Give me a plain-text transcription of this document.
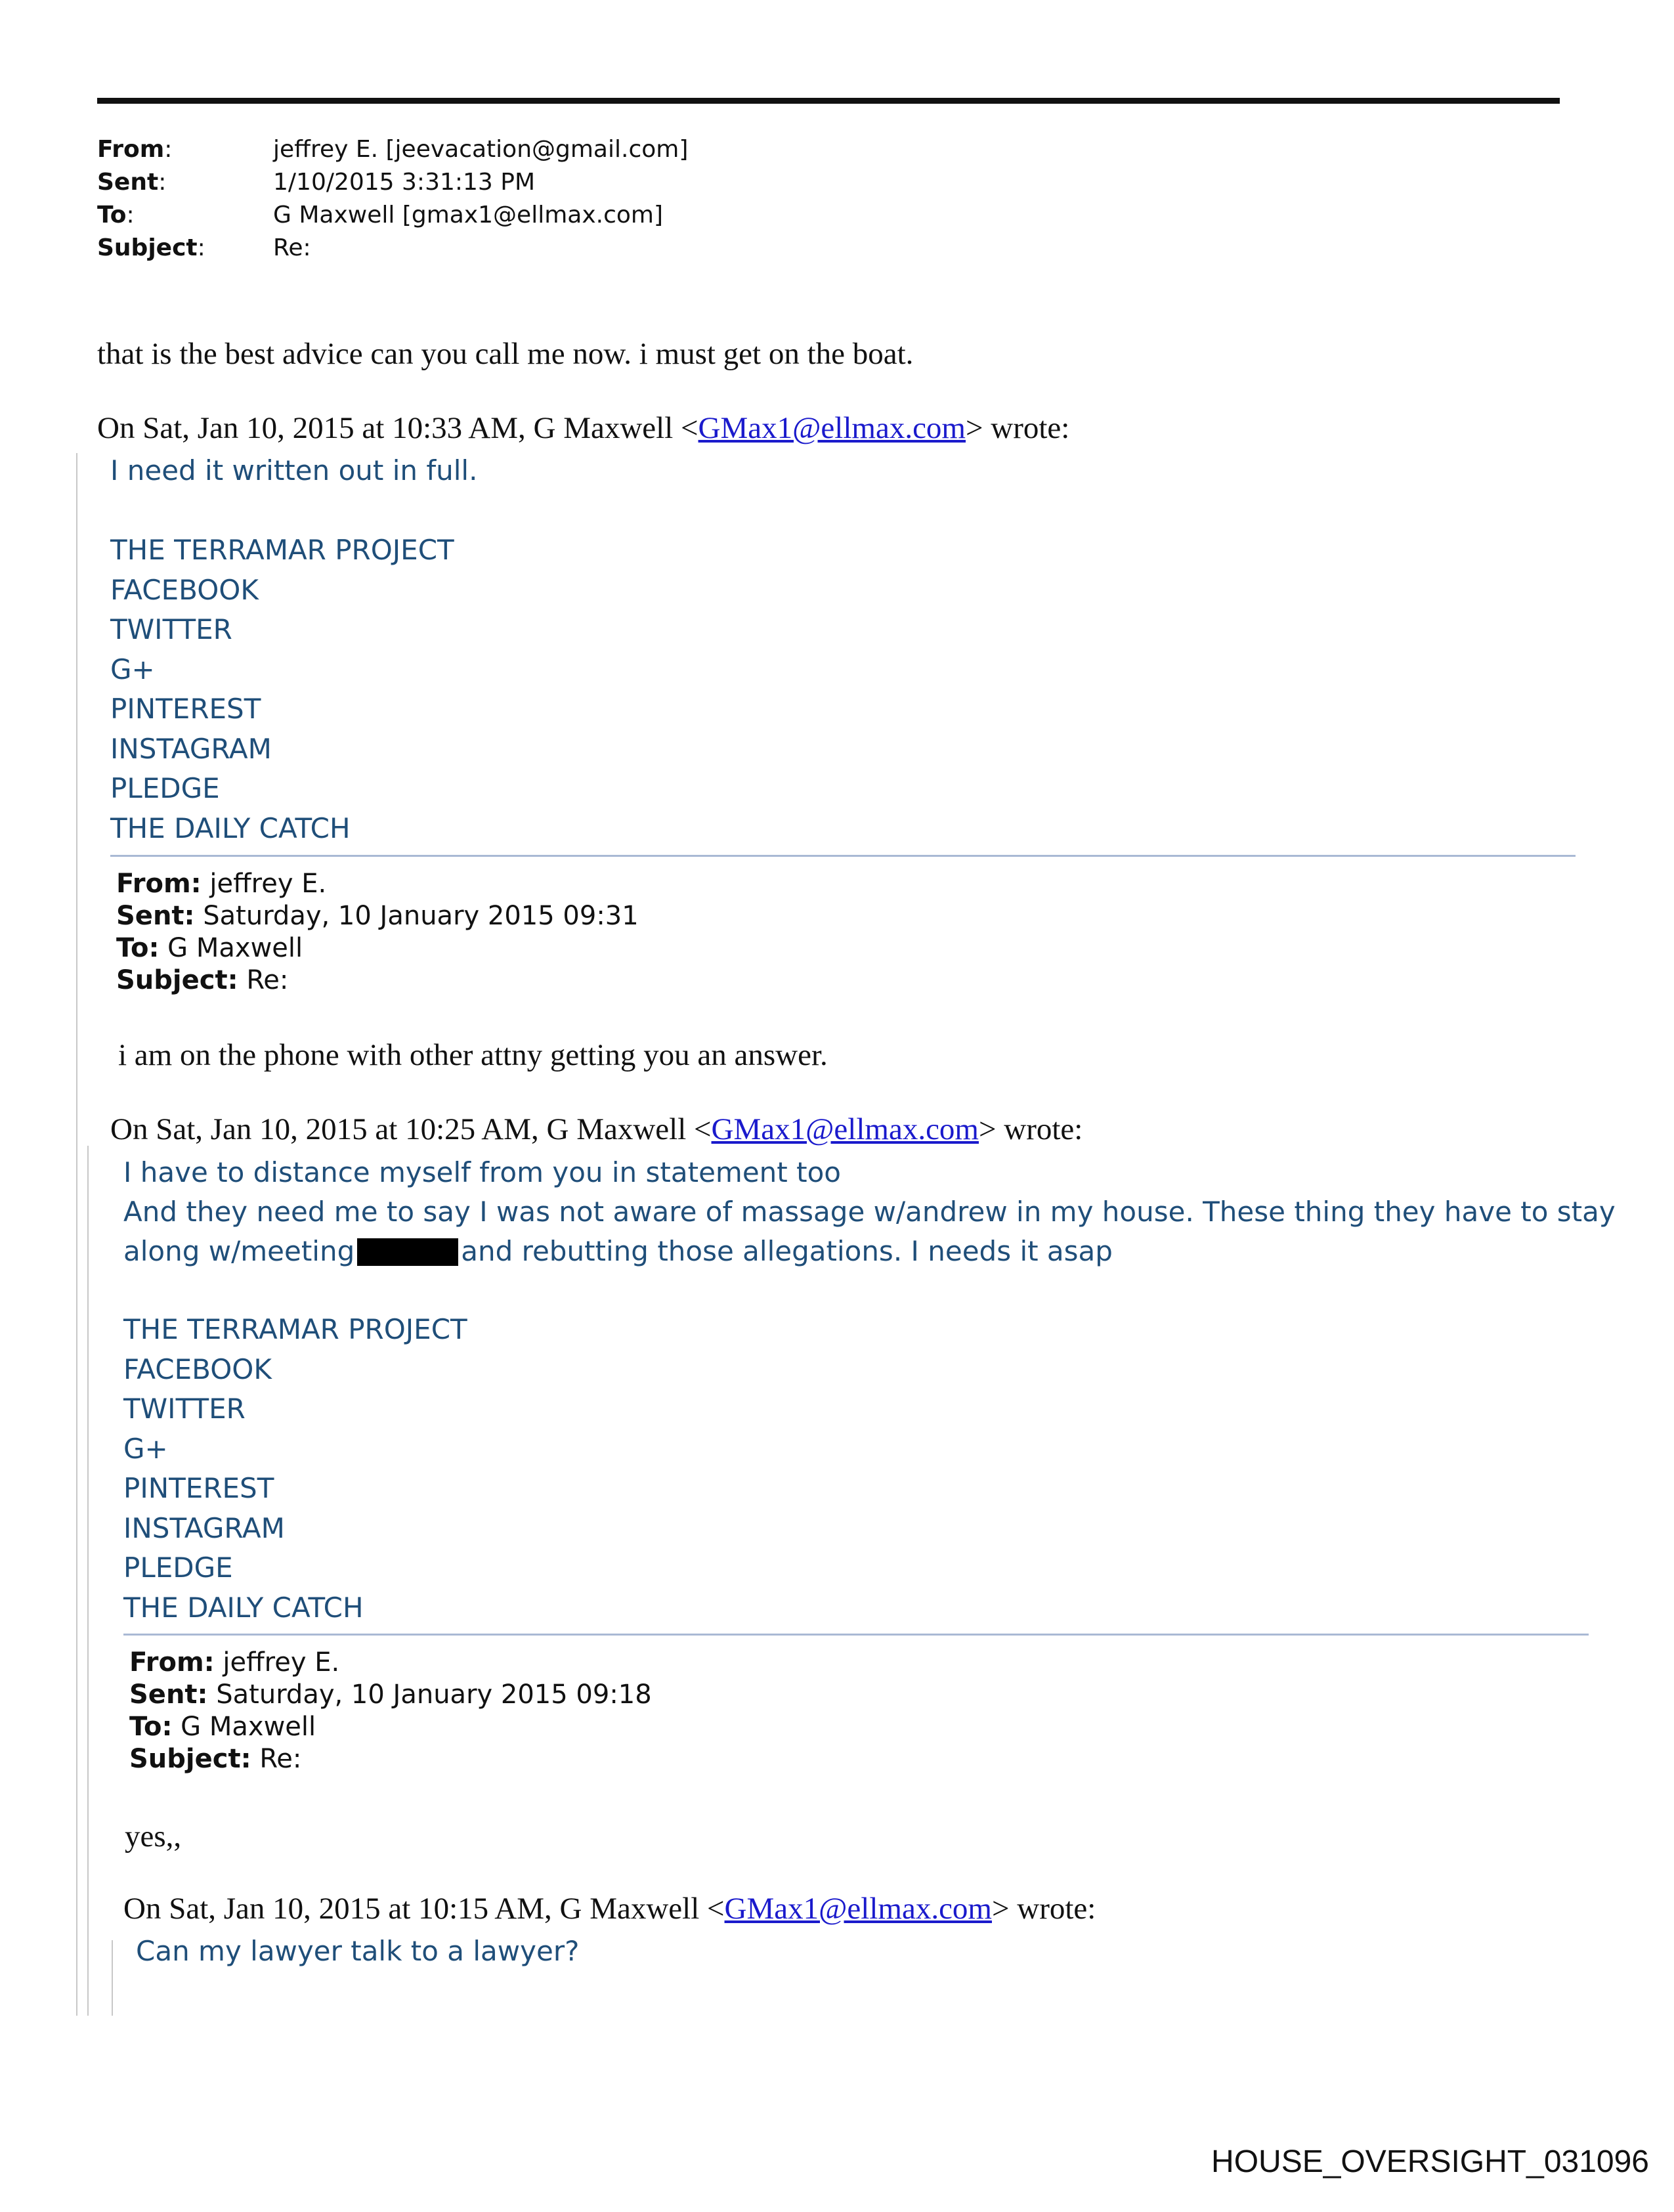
From:	jeffrey E. [jeevacation@gmail.com]
Sent:	1/10/2015 3:31:13 PM
To:	G Maxwell [gmax1@ellmax.com]
Subject:	Re:
that is the best advice can you call me now. i must get on the boat.
On Sat, Jan 10, 2015 at 10:33 AM, G Maxwell <GMax1@ellmax.com> wrote:
I need it written out in full.
THE TERRAMAR PROJECT
FACEBOOK
TWITTER
G+
PINTEREST
INSTAGRAM
PLEDGE
THE DAILY CATCH
From: jeffrey E.
Sent: Saturday, 10 January 2015 09:31
To: G Maxwell
Subject: Re:
i am on the phone with other attny getting you an answer.
On Sat, Jan 10, 2015 at 10:25 AM, G Maxwell <GMax1@ellmax.com> wrote:
I have to distance myself from you in statement too
And they need me to say I was not aware of massage w/andrew in my house. These thing they have to stay
along w/meeting	and rebutting those allegations. I needs it asap
THE TERRAMAR PROJECT
FACEBOOK
TWITTER
G+
PINTEREST
INSTAGRAM
PLEDGE
THE DAILY CATCH
From: jeffrey E.
Sent: Saturday, 10 January 2015 09:18
To: G Maxwell
Subject: Re:
yes,,
On Sat, Jan 10, 2015 at 10:15 AM, G Maxwell <GMax1@ellmax.com> wrote:
Can my lawyer talk to a lawyer?
HOUSE_OVERSIGHT_031096
